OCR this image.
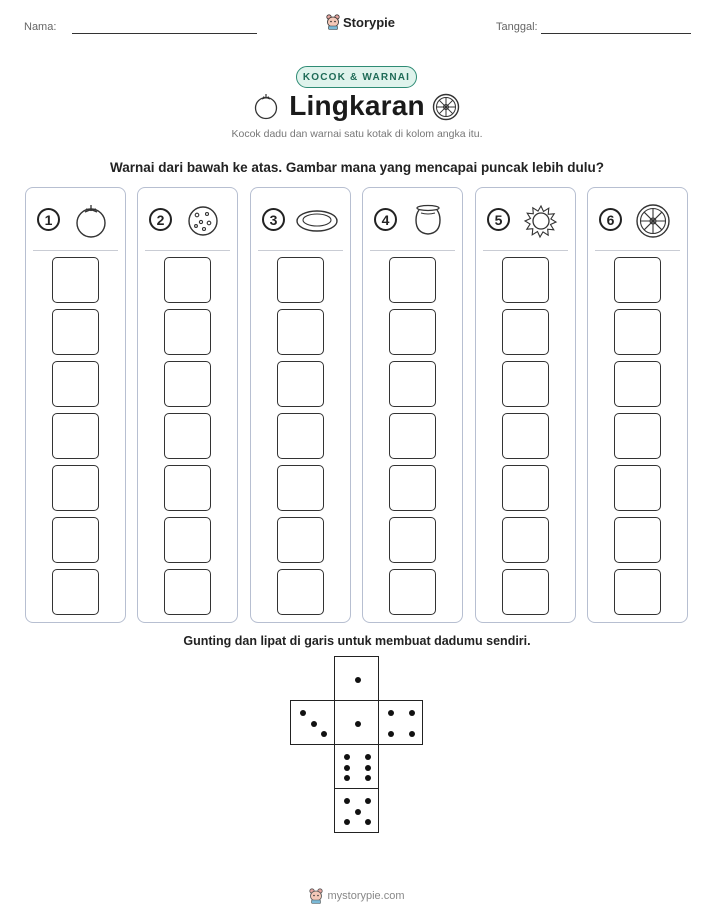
Nama:	Storypie	Tanggal:
KOCOK & WARNAI
Lingkaran
Kocok dadu dan warnai satu kotak di kolom angka itu.
Warnai dari bawah ke atas. Gambar mana yang mencapai puncak lebih dulu?
1	2	3	4	5	6
Gunting dan lipat di garis untuk membuat dadumu sendiri.
mystorypie.com
